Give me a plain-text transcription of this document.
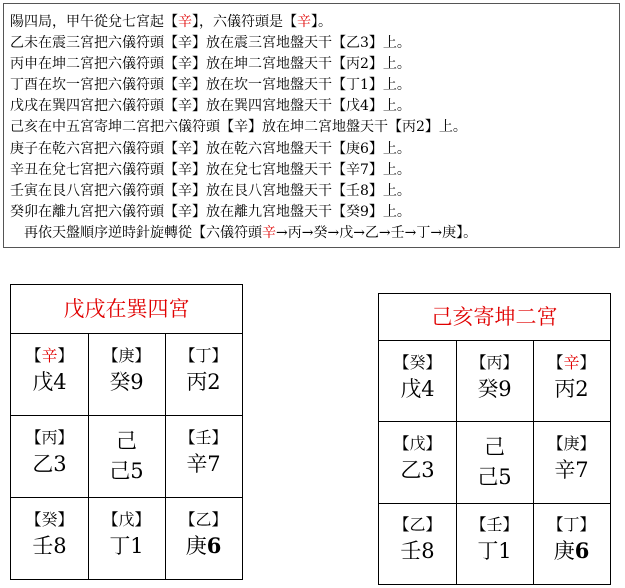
陽四局，甲午從兌七宮起【辛】，六儀符頭是【辛】。
乙未在震三宮把六儀符頭【辛】放在震三宮地盤天干【乙3】上。
丙申在坤二宮把六儀符頭【辛】放在坤二宮地盤天干【丙2】上。
丁酉在坎一宮把六儀符頭【辛】放在坎一宮地盤天干【丁1】上。
戊戌在巽四宮把六儀符頭【辛】放在巽四宮地盤天干【戊4】上。
己亥在中五宮寄坤二宮把六儀符頭【辛】放在坤二宮地盤天干【丙2】上。
庚子在乾六宮把六儀符頭【辛】放在乾六宮地盤天干【庚6】上。
辛丑在兌七宮把六儀符頭【辛】放在兌七宮地盤天干【辛7】上。
壬寅在艮八宮把六儀符頭【辛】放在艮八宮地盤天干【壬8】上。
癸卯在離九宮把六儀符頭【辛】放在離九宮地盤天干【癸9】上。
　再依天盤順序逆時針旋轉從【六儀符頭辛→丙→癸→戊→乙→壬→丁→庚】。
戊戌在巽四宮
【辛】
戊4
【庚】
癸9
【丁】
丙2
【丙】
乙3
己
己5
【壬】
辛7
【癸】
壬8
【戊】
丁1
【乙】
庚6
己亥寄坤二宮
【癸】
戊4
【丙】
癸9
【辛】
丙2
【戊】
乙3
己
己5
【庚】
辛7
【乙】
壬8
【壬】
丁1
【丁】
庚6
